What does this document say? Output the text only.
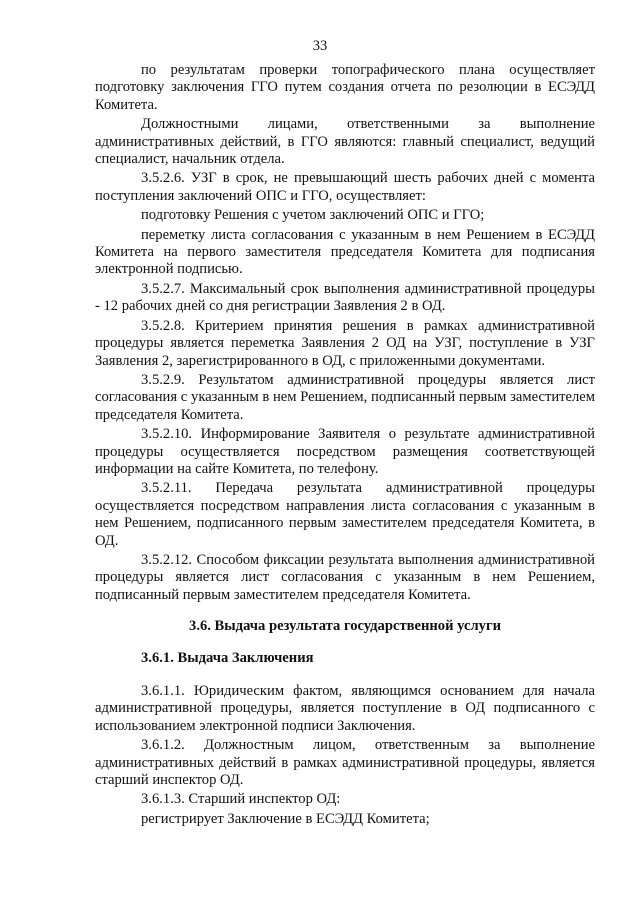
33

по результатам проверки топографического плана осуществляет подготовку заключения ГГО путем создания отчета по резолюции в ЕСЭДД Комитета.

Должностными лицами, ответственными за выполнение административных действий, в ГГО являются: главный специалист, ведущий специалист, начальник отдела.

3.5.2.6. УЗГ в срок, не превышающий шесть рабочих дней с момента поступления заключений ОПС и ГГО, осуществляет:

подготовку Решения с учетом заключений ОПС и ГГО;

переметку листа согласования с указанным в нем Решением в ЕСЭДД Комитета на первого заместителя председателя Комитета для подписания электронной подписью.

3.5.2.7. Максимальный срок выполнения административной процедуры - 12 рабочих дней со дня регистрации Заявления 2 в ОД.

3.5.2.8. Критерием принятия решения в рамках административной процедуры является переметка Заявления 2 ОД на УЗГ, поступление в УЗГ Заявления 2, зарегистрированного в ОД, с приложенными документами.

3.5.2.9. Результатом административной процедуры является лист согласования с указанным в нем Решением, подписанный первым заместителем председателя Комитета.

3.5.2.10. Информирование Заявителя о результате административной процедуры осуществляется посредством размещения соответствующей информации на сайте Комитета, по телефону.

3.5.2.11. Передача результата административной процедуры осуществляется посредством направления листа согласования с указанным в нем Решением, подписанного первым заместителем председателя Комитета, в ОД.

3.5.2.12. Способом фиксации результата выполнения административной процедуры является лист согласования с указанным в нем Решением, подписанный первым заместителем председателя Комитета.

3.6. Выдача результата государственной услуги
3.6.1. Выдача Заключения

3.6.1.1. Юридическим фактом, являющимся основанием для начала административной процедуры, является поступление в ОД подписанного с использованием электронной подписи Заключения.

3.6.1.2. Должностным лицом, ответственным за выполнение административных действий в рамках административной процедуры, является старший инспектор ОД.

3.6.1.3. Старший инспектор ОД:

регистрирует Заключение в ЕСЭДД Комитета;
